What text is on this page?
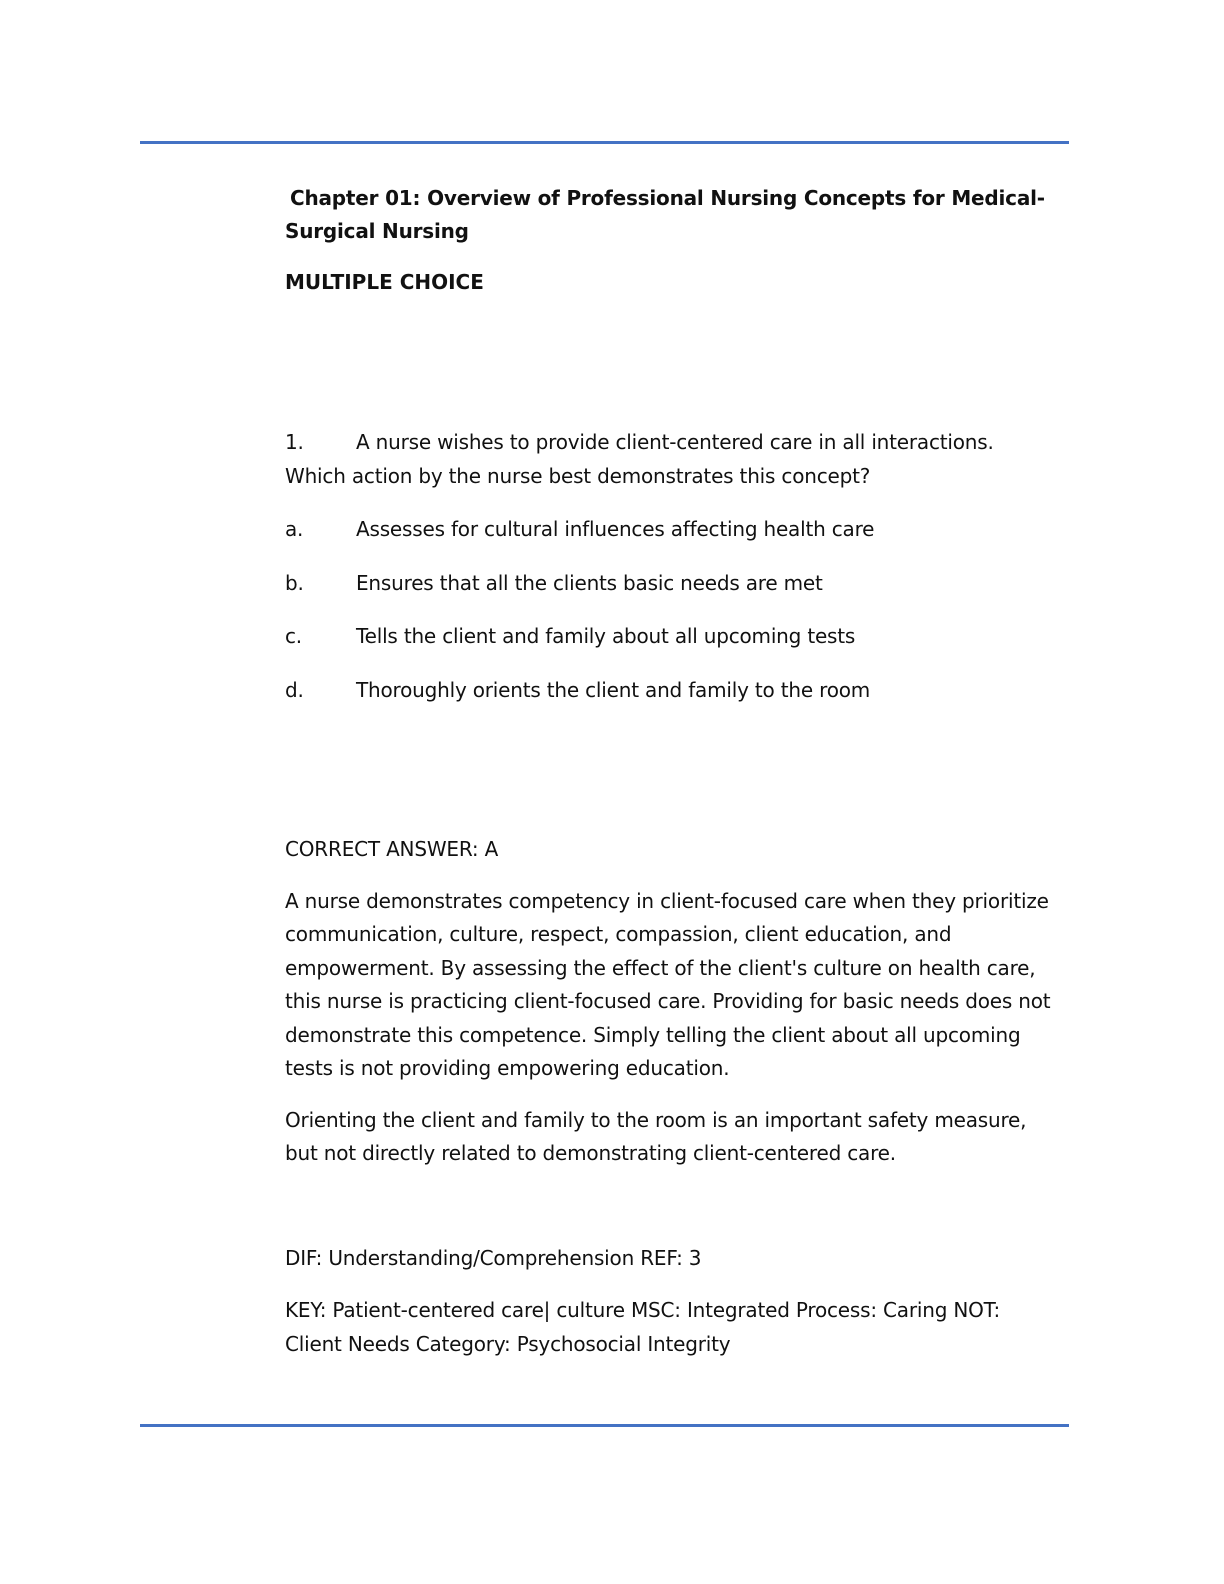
Chapter 01: Overview of Professional Nursing Concepts for Medical-Surgical Nursing

MULTIPLE CHOICE

1.	A nurse wishes to provide client-centered care in all interactions. Which action by the nurse best demonstrates this concept?
a.	Assesses for cultural influences affecting health care
b.	Ensures that all the clients basic needs are met
c.	Tells the client and family about all upcoming tests
d.	Thoroughly orients the client and family to the room
CORRECT ANSWER: A
A nurse demonstrates competency in client-focused care when they prioritize communication, culture, respect, compassion, client education, and empowerment. By assessing the effect of the client's culture on health care, this nurse is practicing client-focused care. Providing for basic needs does not demonstrate this competence. Simply telling the client about all upcoming tests is not providing empowering education.
Orienting the client and family to the room is an important safety measure, but not directly related to demonstrating client-centered care.
DIF: Understanding/Comprehension REF: 3
KEY: Patient-centered care| culture MSC: Integrated Process: Caring NOT: Client Needs Category: Psychosocial Integrity
